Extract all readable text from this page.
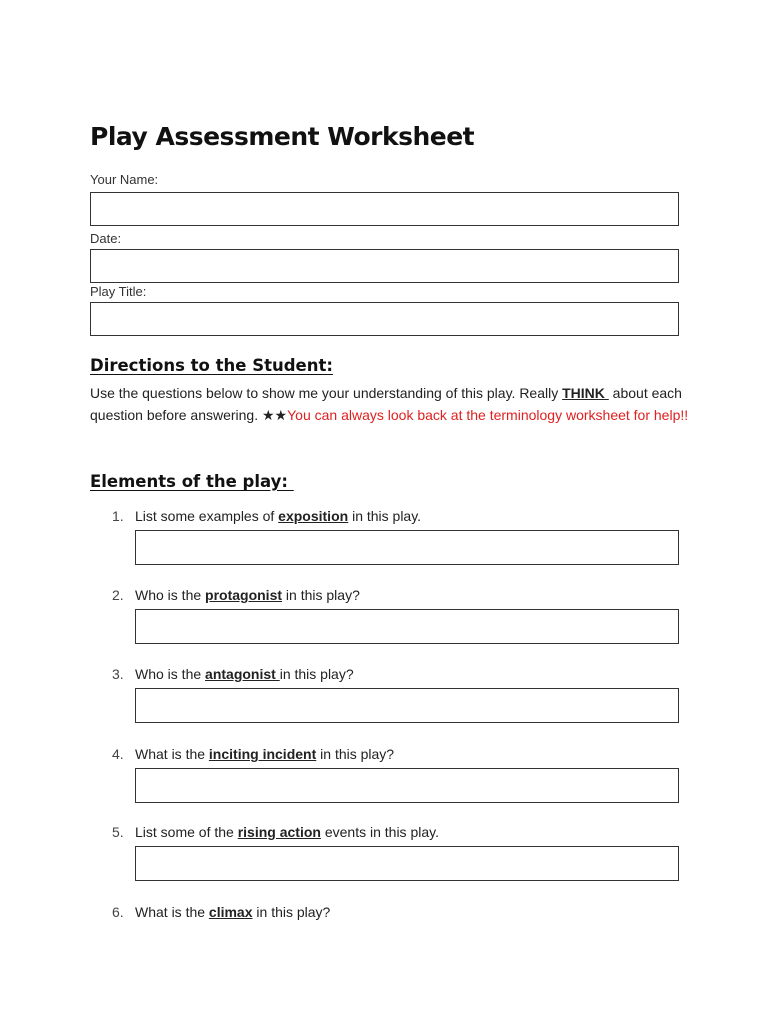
Play Assessment Worksheet
Your Name:
Date:
Play Title:
Directions to the Student:
Use the questions below to show me your understanding of this play. Really THINK  about each question before answering. ★★You can always look back at the terminology worksheet for help!!
Elements of the play:
1. List some examples of exposition in this play.
2. Who is the protagonist in this play?
3. Who is the antagonist in this play?
4. What is the inciting incident in this play?
5. List some of the rising action events in this play.
6. What is the climax in this play?
